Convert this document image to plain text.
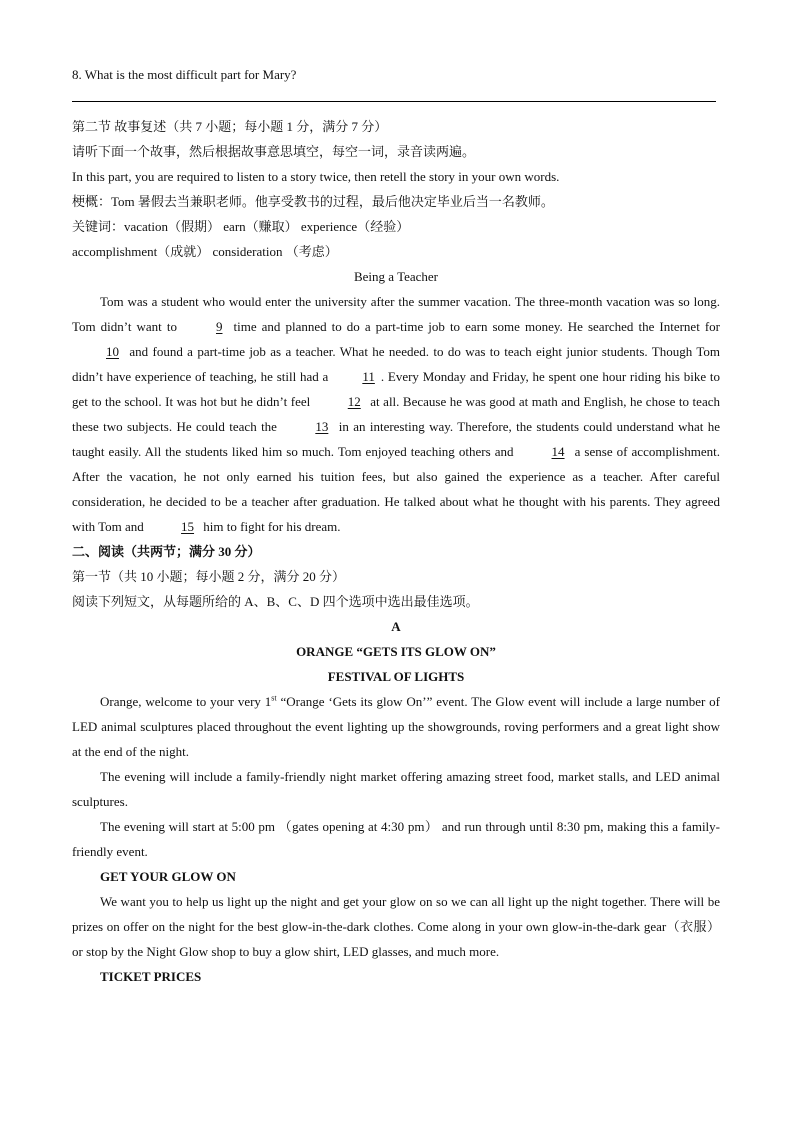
8. What is the most difficult part for Mary?
第二节 故事复述（共 7 小题；每小题 1 分，满分 7 分）
请听下面一个故事，然后根据故事意思填空，每空一词，录音读两遍。
In this part, you are required to listen to a story twice, then retell the story in your own words.
梗概：Tom 暑假去当兼职老师。他享受教书的过程，最后他决定毕业后当一名教师。
关键词：vacation（假期） earn（赚取） experience（经验）
accomplishment（成就） consideration （考虑）
Being a Teacher
Tom was a student who would enter the university after the summer vacation. The three-month vacation was so long. Tom didn’t want to	9 time and planned to do a part-time job to earn some money. He searched the Internet for 10 and found a part-time job as a teacher. What he needed. to do was to teach eight junior students. Though Tom didn’t have experience of teaching, he still had a	11 . Every Monday and Friday, he spent one hour riding his bike to get to the school. It was hot but he didn’t feel	12 at all. Because he was good at math and English, he chose to teach these two subjects. He could teach the	13 in an interesting way. Therefore, the students could understand what he taught easily. All the students liked him so much. Tom enjoyed teaching others and	14 a sense of accomplishment. After the vacation, he not only earned his tuition fees, but also gained the experience as a teacher. After careful consideration, he decided to be a teacher after graduation. He talked about what he thought with his parents. They agreed with Tom and	15 him to fight for his dream.
二、阅读（共两节；满分 30 分）
第一节（共 10 小题；每小题 2 分，满分 20 分）
阅读下列短文，从每题所给的 A、B、C、D 四个选项中选出最佳选项。
A
ORANGE “GETS ITS GLOW ON”
FESTIVAL OF LIGHTS
Orange, welcome to your very 1st “Orange ‘Gets its glow On’” event. The Glow event will include a large number of LED animal sculptures placed throughout the event lighting up the showgrounds, roving performers and a great light show at the end of the night.
The evening will include a family-friendly night market offering amazing street food, market stalls, and LED animal sculptures.
The evening will start at 5:00 pm （gates opening at 4:30 pm） and run through until 8:30 pm, making this a family-friendly event.
GET YOUR GLOW ON
We want you to help us light up the night and get your glow on so we can all light up the night together. There will be prizes on offer on the night for the best glow-in-the-dark clothes. Come along in your own glow-in-the-dark gear（衣服） or stop by the Night Glow shop to buy a glow shirt, LED glasses, and much more.
TICKET PRICES
